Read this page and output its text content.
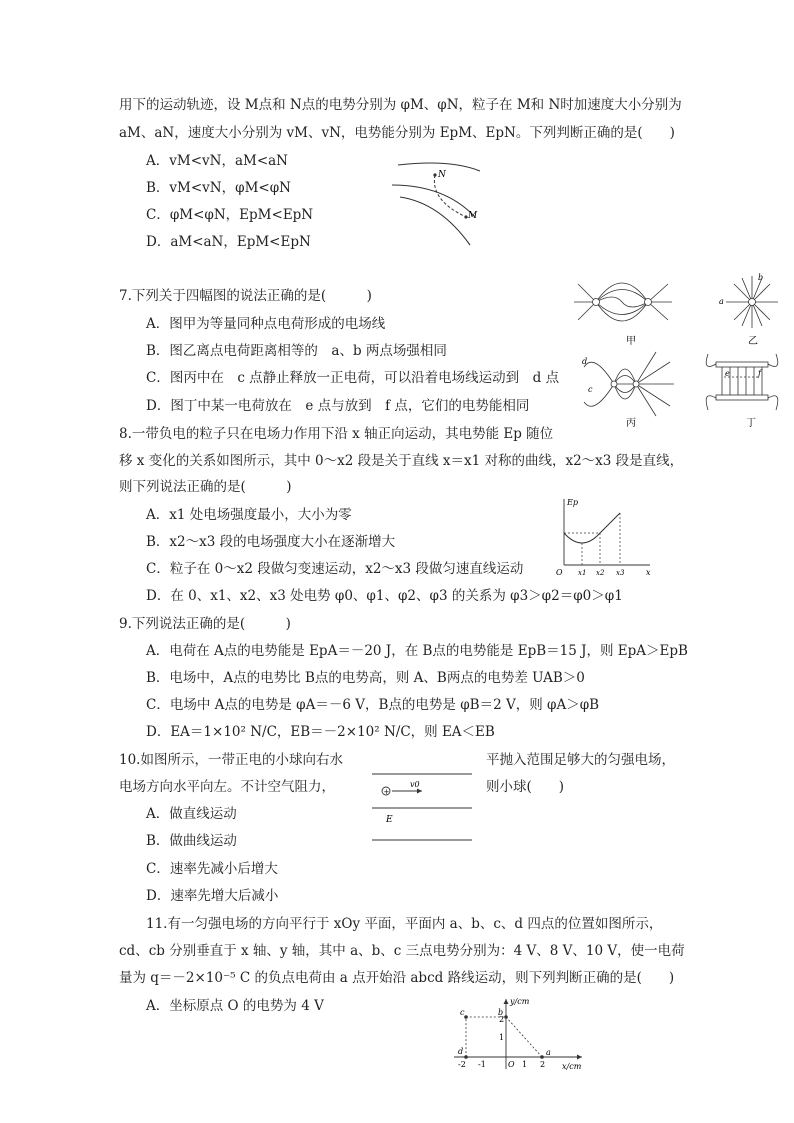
用下的运动轨迹，设 M点和 N点的电势分别为 φM、φN，粒子在 M和 N时加速度大小分别为
aM、aN，速度大小分别为 vM、vN，电势能分别为 EpM、EpN。下列判断正确的是(　　)
A．vM<vN，aM<aN
B．vM<vN，φM<φN
C．φM<φN，EpM<EpN
D．aM<aN，EpM<EpN
N
M
7.下列关于四幅图的说法正确的是(　　　)
A．图甲为等量同种点电荷形成的电场线
B．图乙离点电荷距离相等的　a、b 两点场强相同
C．图丙中在　c 点静止释放一正电荷，可以沿着电场线运动到　d 点
D．图丁中某一电荷放在　e 点与放到　f 点，它们的电势能相同
甲
a
b
乙
d
c
丙
e	f
丁
8.一带负电的粒子只在电场力作用下沿 x 轴正向运动，其电势能 Ep 随位
移 x 变化的关系如图所示，其中 0～x2 段是关于直线 x＝x1 对称的曲线，x2～x3 段是直线，
则下列说法正确的是(　　　)
A．x1 处电场强度最小，大小为零
B．x2～x3 段的电场强度大小在逐渐增大
C．粒子在 0～x2 段做匀变速运动，x2～x3 段做匀速直线运动
D．在 0、x1、x2、x3 处电势 φ0、φ1、φ2、φ3 的关系为 φ3＞φ2＝φ0＞φ1
Ep
x
O x1 x2 x3
9.下列说法正确的是(　　　)
A．电荷在 A点的电势能是 EpA＝－20 J，在 B点的电势能是 EpB＝15 J，则 EpA＞EpB
B．电场中，A点的电势比 B点的电势高，则 A、B两点的电势差 UAB＞0
C．电场中 A点的电势是 φA＝－6 V，B点的电势是 φB＝2 V，则 φA＞φB
D．EA＝1×10² N/C，EB＝－2×10² N/C，则 EA＜EB
10.如图所示，一带正电的小球向右水	平抛入范围足够大的匀强电场，
电场方向水平向左。不计空气阻力，	则小球(　　)
A．做直线运动
B．做曲线运动
C．速率先减小后增大
D．速率先增大后减小
+
v0
E
11.有一匀强电场的方向平行于 xOy 平面，平面内 a、b、c、d 四点的位置如图所示，
cd、cb 分别垂直于 x 轴、y 轴，其中 a、b、c 三点电势分别为：4 V、8 V、10 V，使一电荷
量为 q＝－2×10⁻⁵ C 的负点电荷由 a 点开始沿 abcd 路线运动，则下列判断正确的是(　　)
A．坐标原点 O 的电势为 4 V
a
b
c
d
y/cm
x/cm
O
-2 -1	1 2
1
2
